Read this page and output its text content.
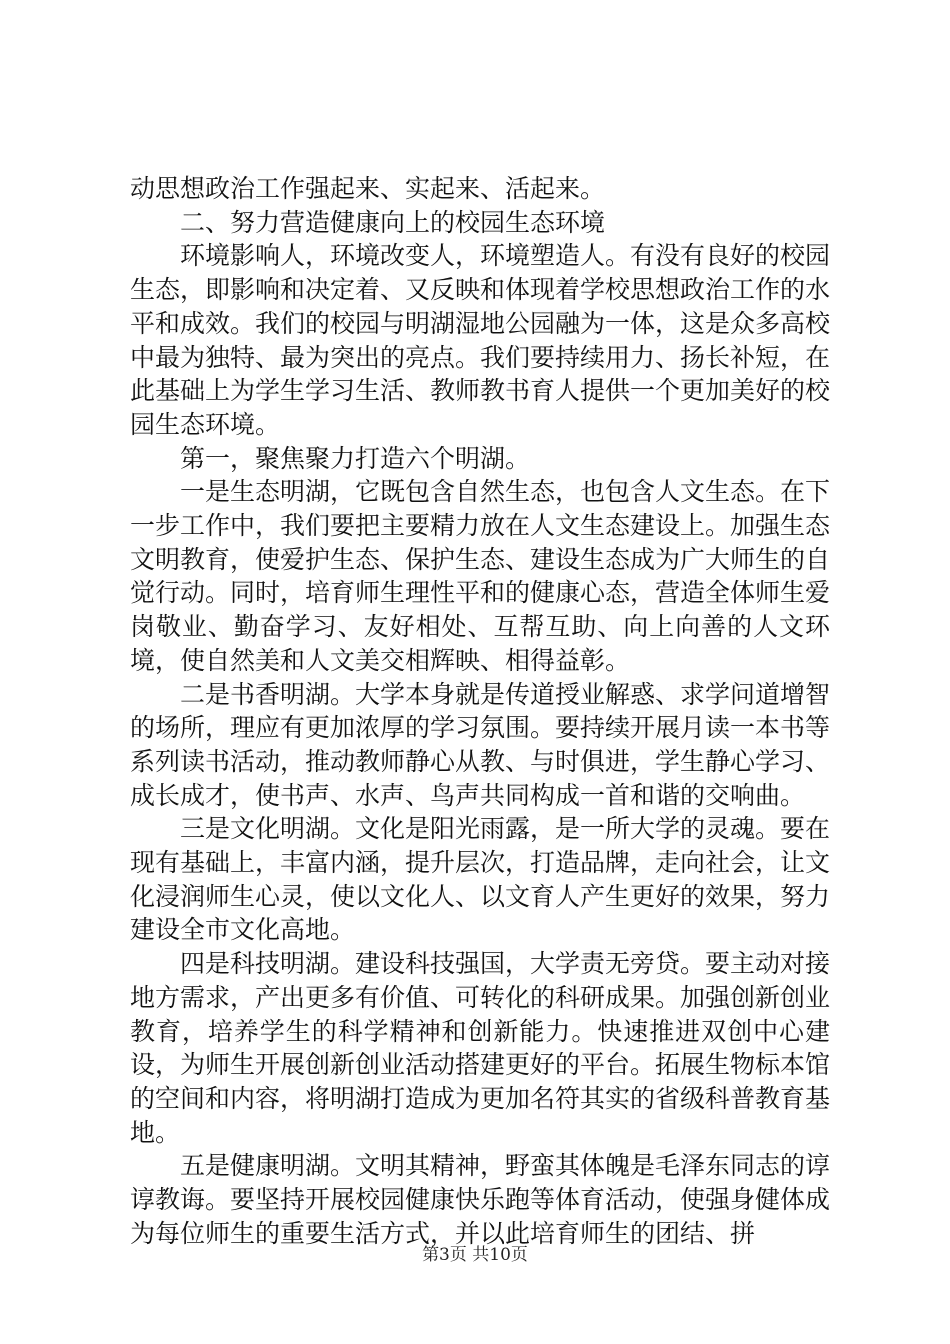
动思想政治工作强起来、实起来、活起来。

二、努力营造健康向上的校园生态环境

环境影响人，环境改变人，环境塑造人。有没有良好的校园生态，即影响和决定着、又反映和体现着学校思想政治工作的水平和成效。我们的校园与明湖湿地公园融为一体，这是众多高校中最为独特、最为突出的亮点。我们要持续用力、扬长补短，在此基础上为学生学习生活、教师教书育人提供一个更加美好的校园生态环境。

第一，聚焦聚力打造六个明湖。

一是生态明湖，它既包含自然生态，也包含人文生态。在下一步工作中，我们要把主要精力放在人文生态建设上。加强生态文明教育，使爱护生态、保护生态、建设生态成为广大师生的自觉行动。同时，培育师生理性平和的健康心态，营造全体师生爱岗敬业、勤奋学习、友好相处、互帮互助、向上向善的人文环境，使自然美和人文美交相辉映、相得益彰。

二是书香明湖。大学本身就是传道授业解惑、求学问道增智的场所，理应有更加浓厚的学习氛围。要持续开展月读一本书等系列读书活动，推动教师静心从教、与时俱进，学生静心学习、成长成才，使书声、水声、鸟声共同构成一首和谐的交响曲。

三是文化明湖。文化是阳光雨露，是一所大学的灵魂。要在现有基础上，丰富内涵，提升层次，打造品牌，走向社会，让文化浸润师生心灵，使以文化人、以文育人产生更好的效果，努力建设全市文化高地。

四是科技明湖。建设科技强国，大学责无旁贷。要主动对接地方需求，产出更多有价值、可转化的科研成果。加强创新创业教育，培养学生的科学精神和创新能力。快速推进双创中心建设，为师生开展创新创业活动搭建更好的平台。拓展生物标本馆的空间和内容，将明湖打造成为更加名符其实的省级科普教育基地。

五是健康明湖。文明其精神，野蛮其体魄是毛泽东同志的谆谆教诲。要坚持开展校园健康快乐跑等体育活动，使强身健体成为每位师生的重要生活方式，并以此培育师生的团结、拼

第3页 共10页
